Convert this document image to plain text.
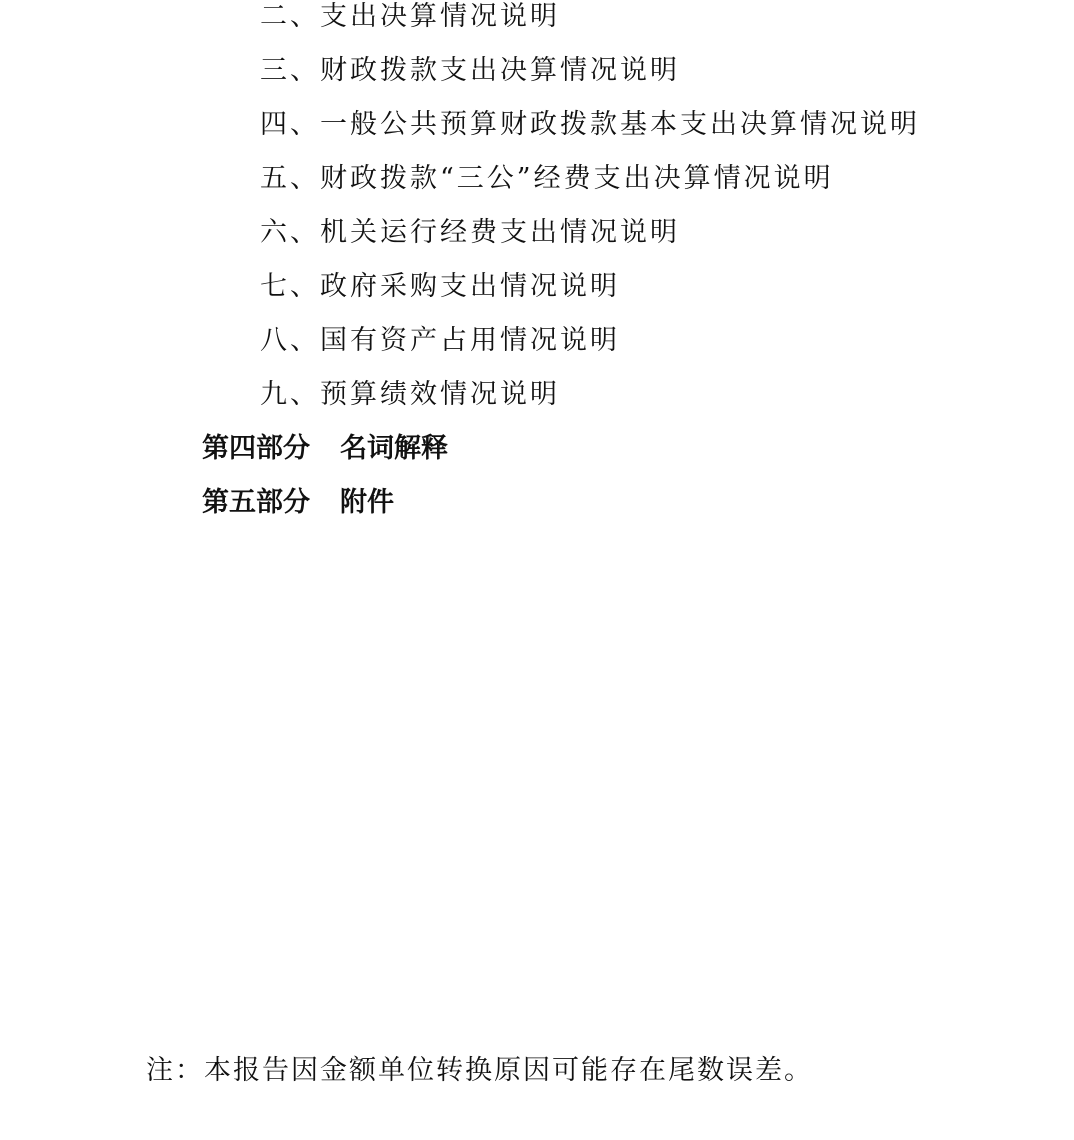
二、支出决算情况说明
三、财政拨款支出决算情况说明
四、一般公共预算财政拨款基本支出决算情况说明
五、财政拨款“三公”经费支出决算情况说明
六、机关运行经费支出情况说明
七、政府采购支出情况说明
八、国有资产占用情况说明
九、预算绩效情况说明
第四部分 名词解释
第五部分 附件
注：本报告因金额单位转换原因可能存在尾数误差。
